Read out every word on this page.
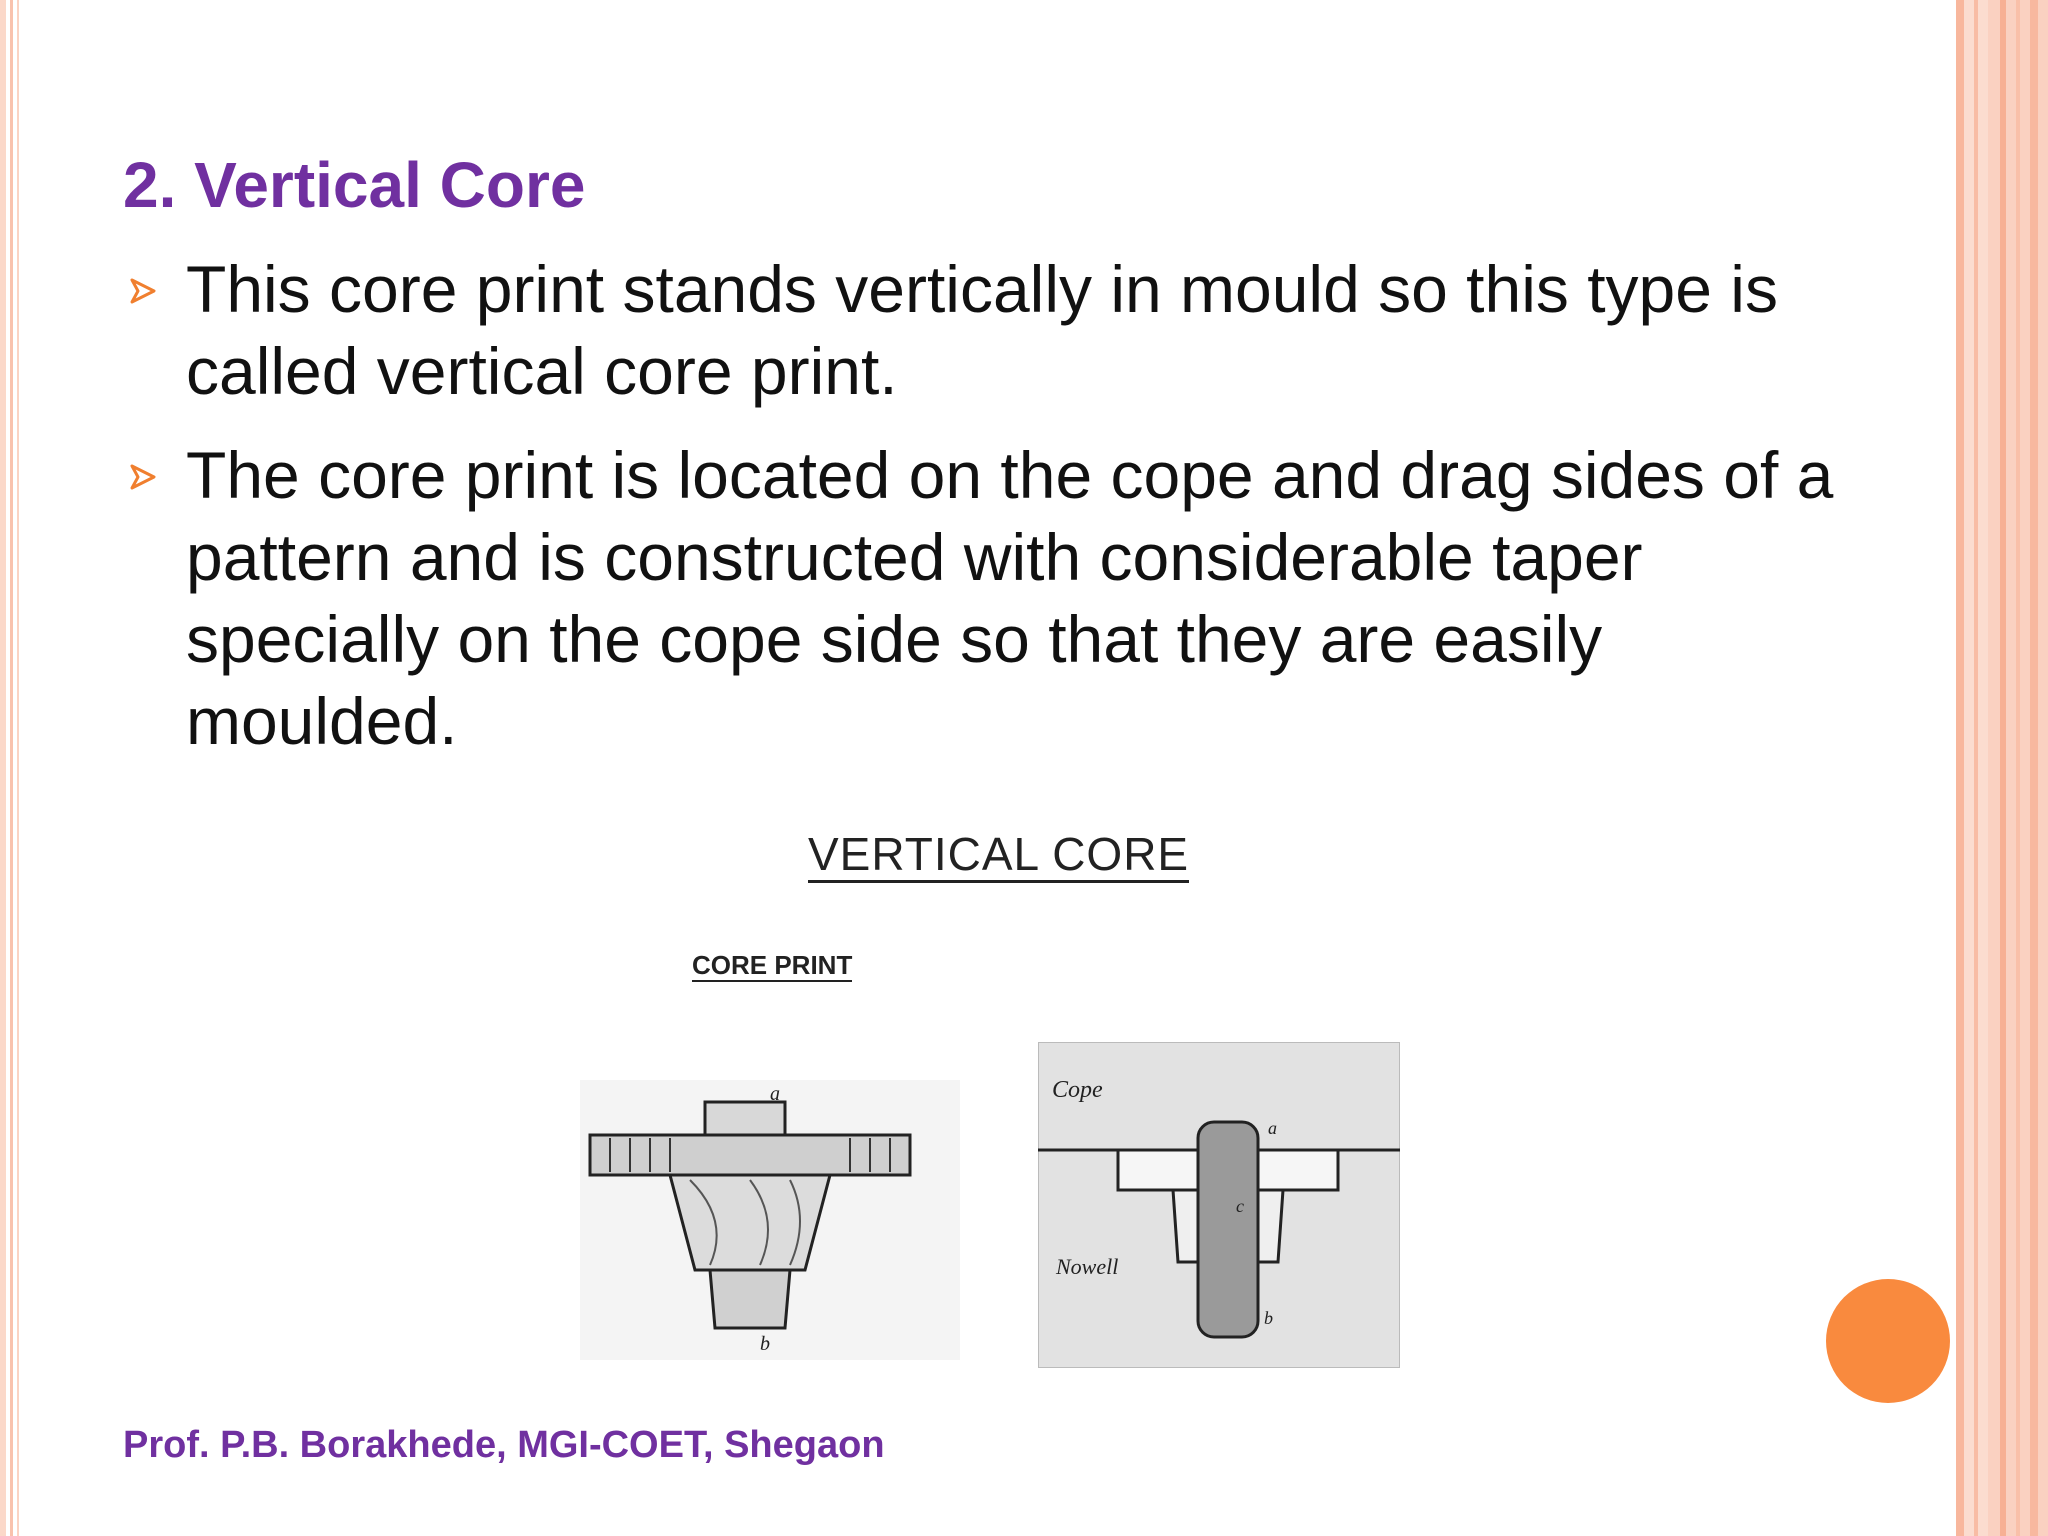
2. Vertical Core
This core print stands vertically in mould so this type is called vertical core print.
The core print is located on the cope and drag sides of a pattern and is constructed with considerable taper specially on the cope side so that they are easily moulded.
VERTICAL CORE
CORE PRINT
a
b
Cope
Nowell
a
c
b
Prof. P.B. Borakhede, MGI-COET, Shegaon
